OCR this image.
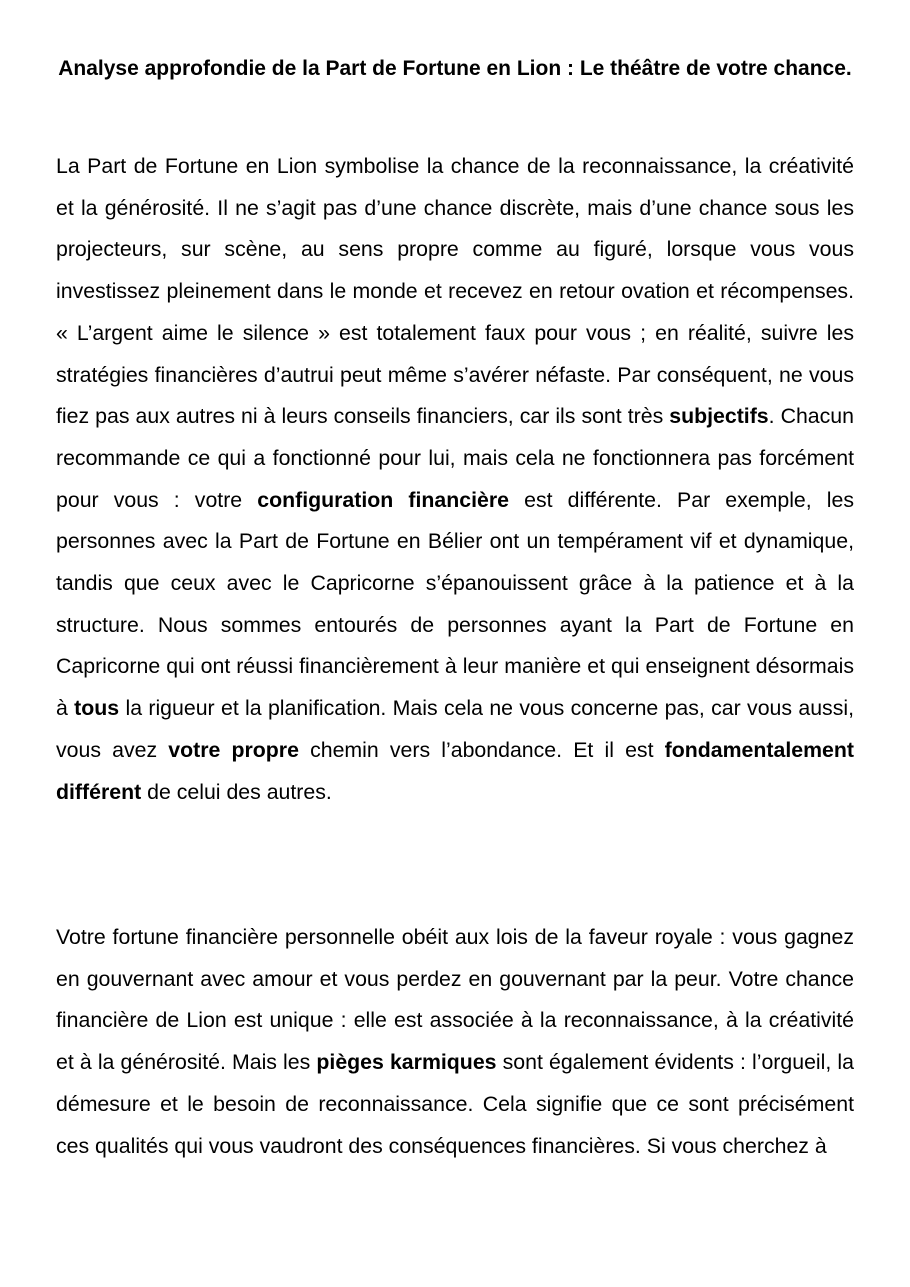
Analyse approfondie de la Part de Fortune en Lion : Le théâtre de votre chance.

La Part de Fortune en Lion symbolise la chance de la reconnaissance, la créativité et la générosité. Il ne s’agit pas d’une chance discrète, mais d’une chance sous les projecteurs, sur scène, au sens propre comme au figuré, lorsque vous vous investissez pleinement dans le monde et recevez en retour ovation et récompenses. « L’argent aime le silence » est totalement faux pour vous ; en réalité, suivre les stratégies financières d’autrui peut même s’avérer néfaste. Par conséquent, ne vous fiez pas aux autres ni à leurs conseils financiers, car ils sont très subjectifs. Chacun recommande ce qui a fonctionné pour lui, mais cela ne fonctionnera pas forcément pour vous : votre configuration financière est différente. Par exemple, les personnes avec la Part de Fortune en Bélier ont un tempérament vif et dynamique, tandis que ceux avec le Capricorne s’épanouissent grâce à la patience et à la structure. Nous sommes entourés de personnes ayant la Part de Fortune en Capricorne qui ont réussi financièrement à leur manière et qui enseignent désormais à tous la rigueur et la planification. Mais cela ne vous concerne pas, car vous aussi, vous avez votre propre chemin vers l’abondance. Et il est fondamentalement différent de celui des autres.

Votre fortune financière personnelle obéit aux lois de la faveur royale : vous gagnez en gouvernant avec amour et vous perdez en gouvernant par la peur. Votre chance financière de Lion est unique : elle est associée à la reconnaissance, à la créativité et à la générosité. Mais les pièges karmiques sont également évidents : l’orgueil, la démesure et le besoin de reconnaissance. Cela signifie que ce sont précisément ces qualités qui vous vaudront des conséquences financières. Si vous cherchez à
